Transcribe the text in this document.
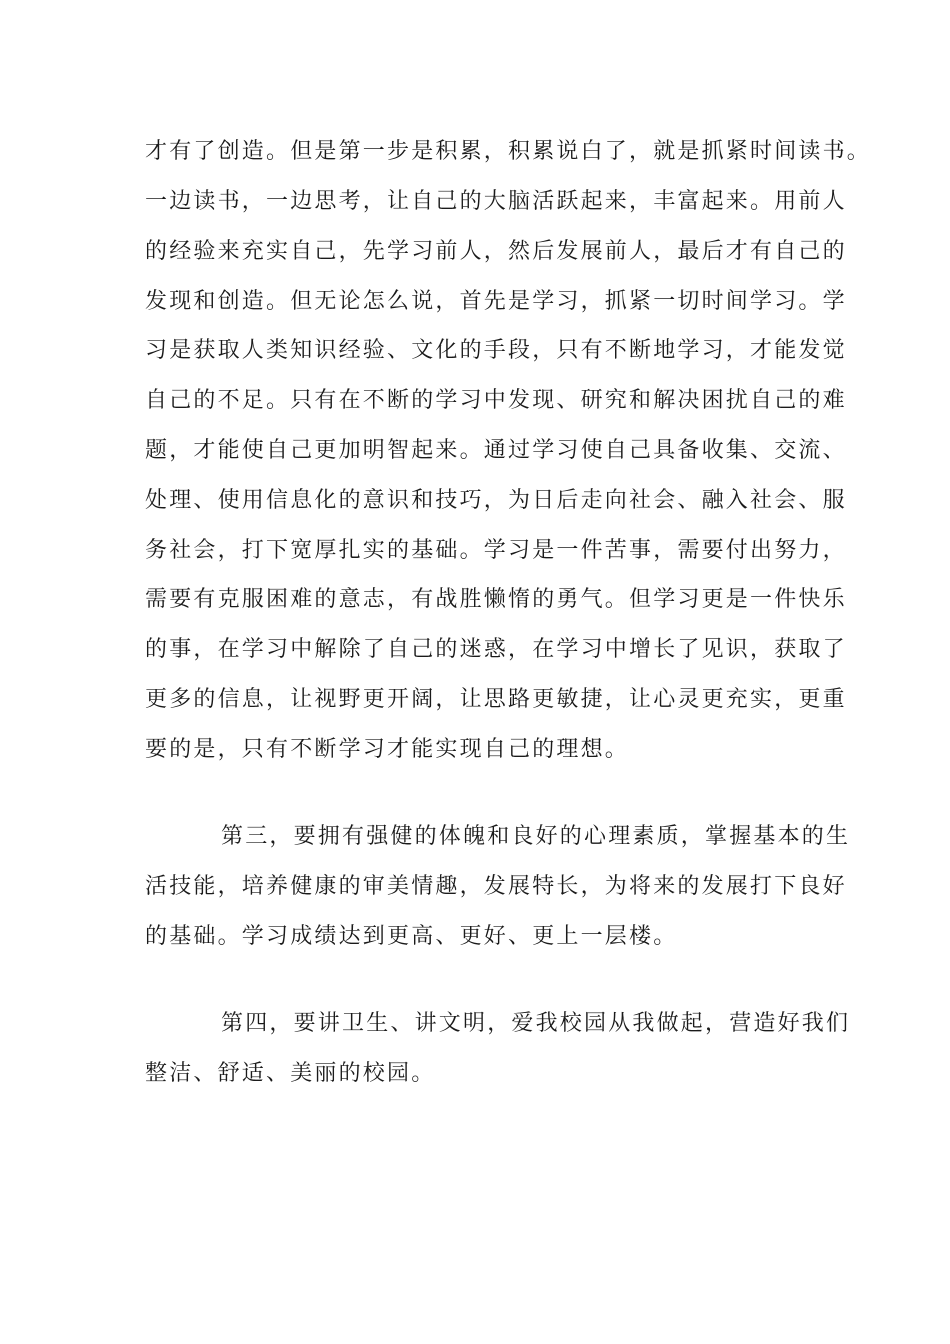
才有了创造。但是第一步是积累，积累说白了，就是抓紧时间读书。
一边读书，一边思考，让自己的大脑活跃起来，丰富起来。用前人
的经验来充实自己，先学习前人，然后发展前人，最后才有自己的
发现和创造。但无论怎么说，首先是学习，抓紧一切时间学习。学
习是获取人类知识经验、文化的手段，只有不断地学习，才能发觉
自己的不足。只有在不断的学习中发现、研究和解决困扰自己的难
题，才能使自己更加明智起来。通过学习使自己具备收集、交流、
处理、使用信息化的意识和技巧，为日后走向社会、融入社会、服
务社会，打下宽厚扎实的基础。学习是一件苦事，需要付出努力，
需要有克服困难的意志，有战胜懒惰的勇气。但学习更是一件快乐
的事，在学习中解除了自己的迷惑，在学习中增长了见识，获取了
更多的信息，让视野更开阔，让思路更敏捷，让心灵更充实，更重
要的是，只有不断学习才能实现自己的理想。
第三，要拥有强健的体魄和良好的心理素质，掌握基本的生
活技能，培养健康的审美情趣，发展特长，为将来的发展打下良好
的基础。学习成绩达到更高、更好、更上一层楼。
第四，要讲卫生、讲文明，爱我校园从我做起，营造好我们
整洁、舒适、美丽的校园。
